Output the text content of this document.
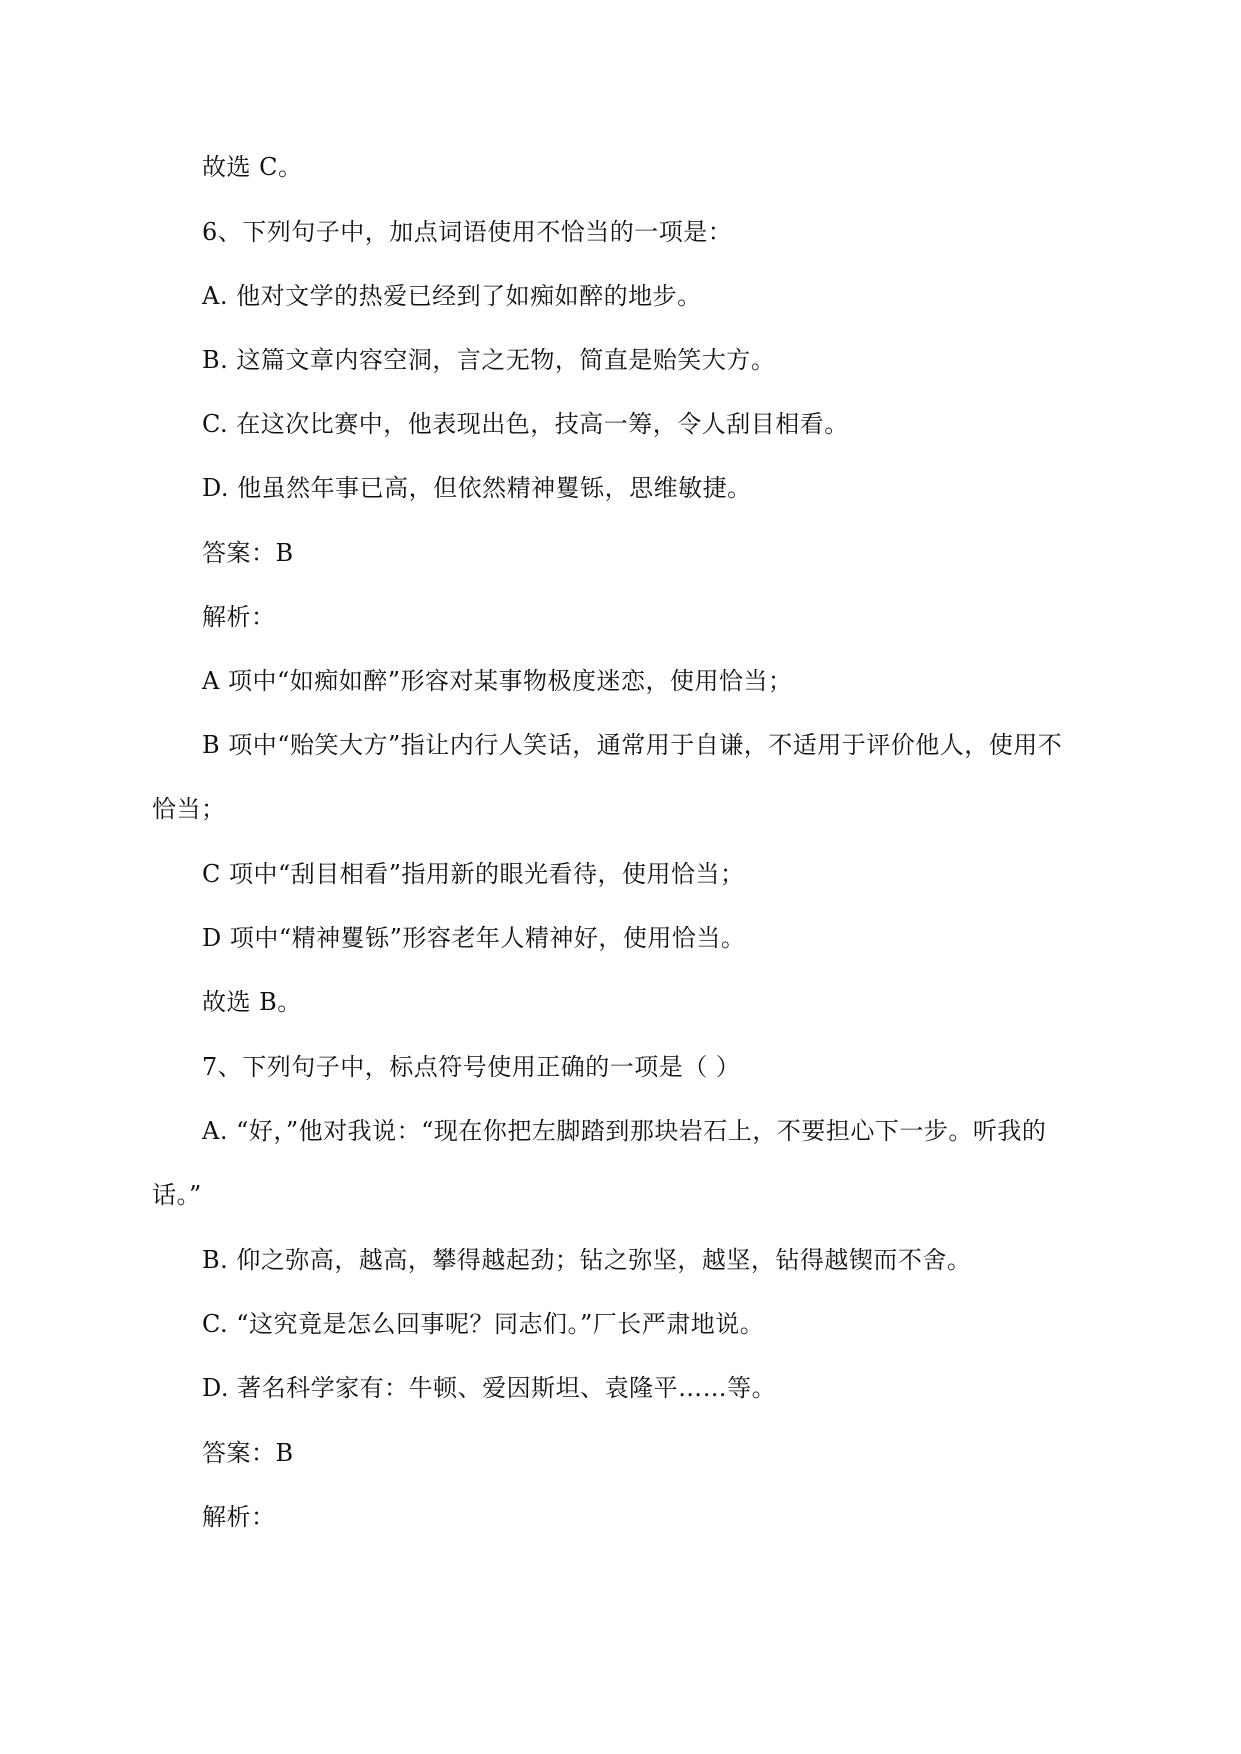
故选 C。
6、下列句子中，加点词语使用不恰当的一项是：
A. 他对文学的热爱已经到了如痴如醉的地步。
B. 这篇文章内容空洞，言之无物，简直是贻笑大方。
C. 在这次比赛中，他表现出色，技高一筹，令人刮目相看。
D. 他虽然年事已高，但依然精神矍铄，思维敏捷。
答案：B
解析：
A 项中“如痴如醉”形容对某事物极度迷恋，使用恰当；
B 项中“贻笑大方”指让内行人笑话，通常用于自谦，不适用于评价他人，使用不
恰当；
C 项中“刮目相看”指用新的眼光看待，使用恰当；
D 项中“精神矍铄”形容老年人精神好，使用恰当。
故选 B。
7、下列句子中，标点符号使用正确的一项是（ ）
A. “好，”他对我说：“现在你把左脚踏到那块岩石上，不要担心下一步。听我的
话。”
B. 仰之弥高，越高，攀得越起劲；钻之弥坚，越坚，钻得越锲而不舍。
C. “这究竟是怎么回事呢？同志们。”厂长严肃地说。
D. 著名科学家有：牛顿、爱因斯坦、袁隆平……等。
答案：B
解析：
